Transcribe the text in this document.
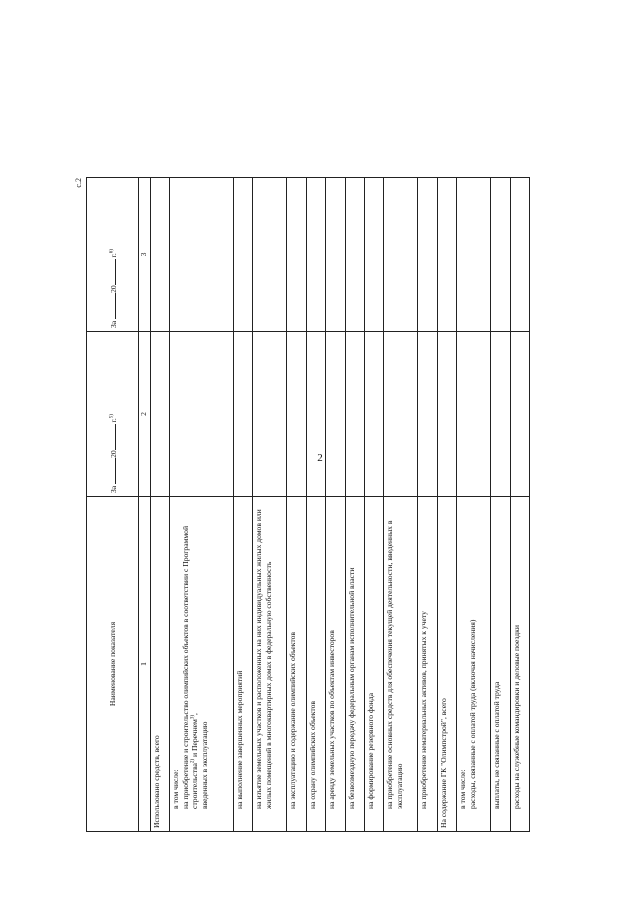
2
с.2
Наименование показателя	За 20 г.$^{5)}$	За 20 г.$^{6)}$
1	2	3
Использовано средств, всего		

в том числе: на приобретение и строительство олимпийских объектов в соответствии с Программой строительства$^{2)}$ и Перечнем$^{3)}$,
введенных в эксплуатацию		

на выполнение завершенных мероприятий		
на изъятие земельных участков и расположенных на них индивидуальных жилых домов или жилых помещений в многоквартирных домах в федеральную собственность		
на эксплуатацию и содержание олимпийских объектов		
на охрану олимпийских объектов		
на аренду земельных участков по объектам инвесторов		
на безвозмездную передачу федеральным органам исполнительной власти		
на формирование резервного фонда		
на приобретение основных средств для обеспечения текущей деятельности, введенных в эксплуатацию		
на приобретение нематериальных активов, принятых к учету		
На содержание ГК "Олимпстрой", всего		

в том числе: расходы, связанные с оплатой труда (включая начисления)		

выплаты, не связанные с оплатой труда		
расходы на служебные командировки и деловые поездки		
